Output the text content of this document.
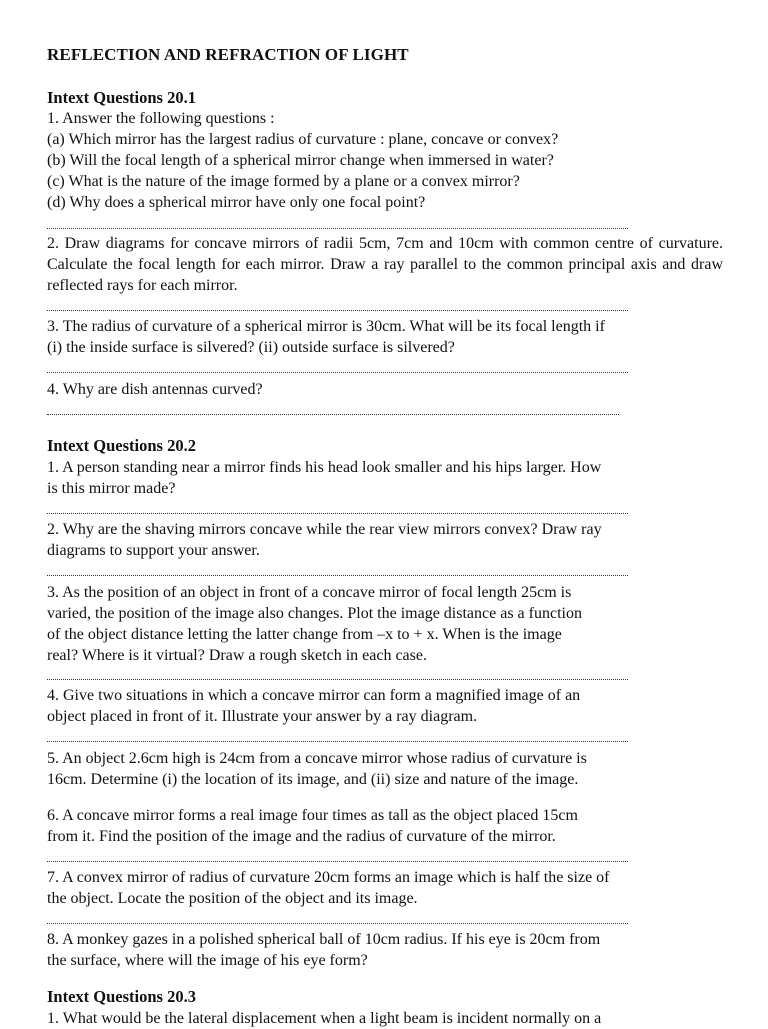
REFLECTION AND REFRACTION OF LIGHT
Intext Questions 20.1
1. Answer the following questions :
(a) Which mirror has the largest radius of curvature : plane, concave or convex?
(b) Will the focal length of a spherical mirror change when immersed in water?
(c) What is the nature of the image formed by a plane or a convex mirror?
(d) Why does a spherical mirror have only one focal point?
2. Draw diagrams for concave mirrors of radii 5cm, 7cm and 10cm with common centre of curvature. Calculate the focal length for each mirror. Draw a ray parallel to the common principal axis and draw reflected rays for each mirror.
3. The radius of curvature of a spherical mirror is 30cm. What will be its focal length if
(i) the inside surface is silvered? (ii) outside surface is silvered?
4. Why are dish antennas curved?
Intext Questions 20.2
1. A person standing near a mirror finds his head look smaller and his hips larger. How
is this mirror made?
2. Why are the shaving mirrors concave while the rear view mirrors convex? Draw ray
diagrams to support your answer.
3. As the position of an object in front of a concave mirror of focal length 25cm is
varied, the position of the image also changes. Plot the image distance as a function
of the object distance letting the latter change from –x to + x. When is the image
real? Where is it virtual? Draw a rough sketch in each case.
4. Give two situations in which a concave mirror can form a magnified image of an
object placed in front of it. Illustrate your answer by a ray diagram.
5. An object 2.6cm high is 24cm from a concave mirror whose radius of curvature is
16cm. Determine (i) the location of its image, and (ii) size and nature of the image.
6. A concave mirror forms a real image four times as tall as the object placed 15cm
from it. Find the position of the image and the radius of curvature of the mirror.
7. A convex mirror of radius of curvature 20cm forms an image which is half the size of
the object. Locate the position of the object and its image.
8. A monkey gazes in a polished spherical ball of 10cm radius. If his eye is 20cm from
the surface, where will the image of his eye form?
Intext Questions 20.3
1. What would be the lateral displacement when a light beam is incident normally on a
